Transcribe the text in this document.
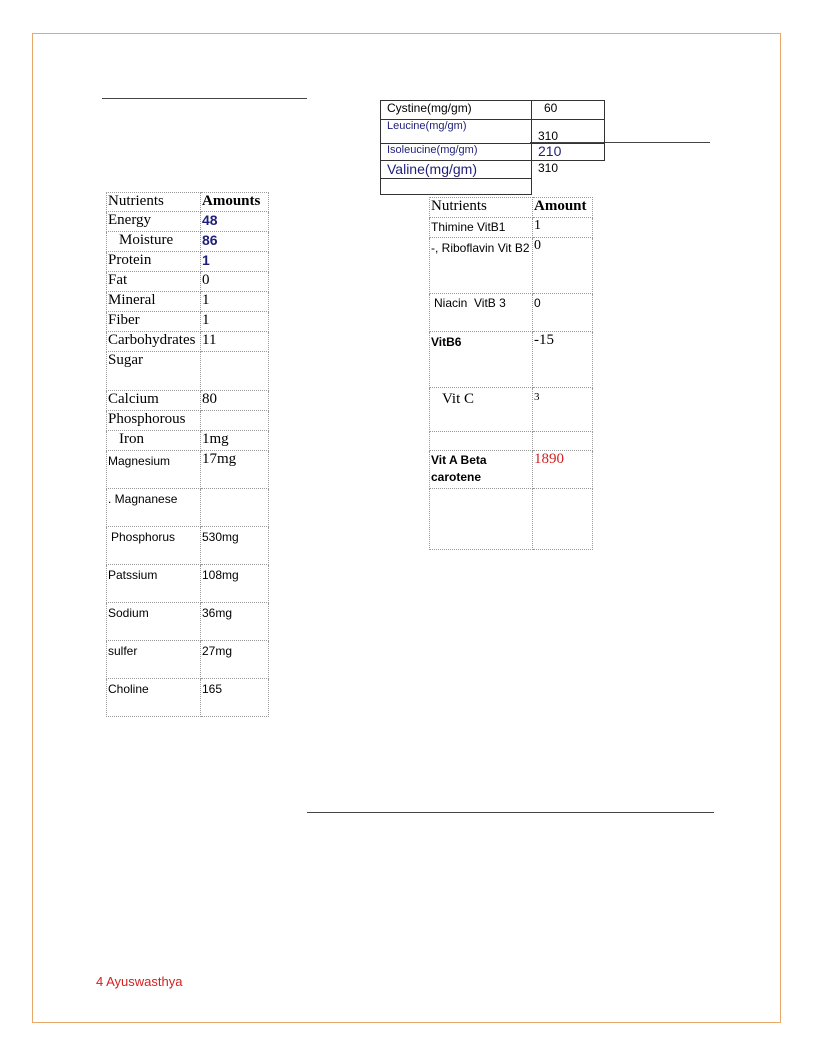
Cystine(mg/gm)	60
Leucine(mg/gm)	310
Isoleucine(mg/gm)	210
Valine(mg/gm)	310

Nutrients	Amounts
Energy	48
Moisture	86
Protein	1
Fat	0
Mineral	1
Fiber	1
Carbohydrates	11
Sugar	
Calcium	80
Phosphorous	
Iron	1mg
Magnesium	17mg
. Magnanese	
Phosphorus	530mg
Patssium	108mg
Sodium	36mg
sulfer	27mg
Choline	165
Nutrients	Amount
Thimine VitB1	1
-, Riboflavin Vit B2	0
Niacin  VitB 3	0
VitB6	-15
Vit C	3

Vit A Beta carotene	1890

4 Ayuswasthya
